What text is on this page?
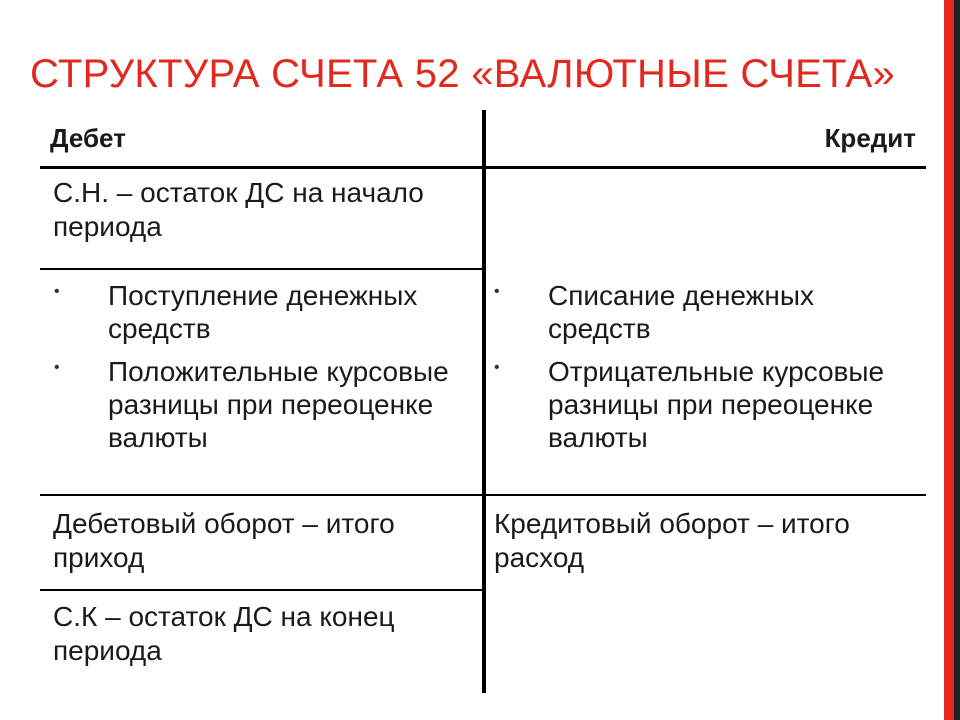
СТРУКТУРА СЧЕТА 52 «ВАЛЮТНЫЕ СЧЕТА»
Дебет	Кредит
С.Н. – остаток ДС на начало периода
• Поступление денежных средств
• Положительные курсовые разницы при переоценке валюты
• Списание денежных средств
• Отрицательные курсовые разницы при переоценке валюты
Дебетовый оборот – итого приход
Кредитовый оборот – итого расход
С.К – остаток ДС на конец периода
